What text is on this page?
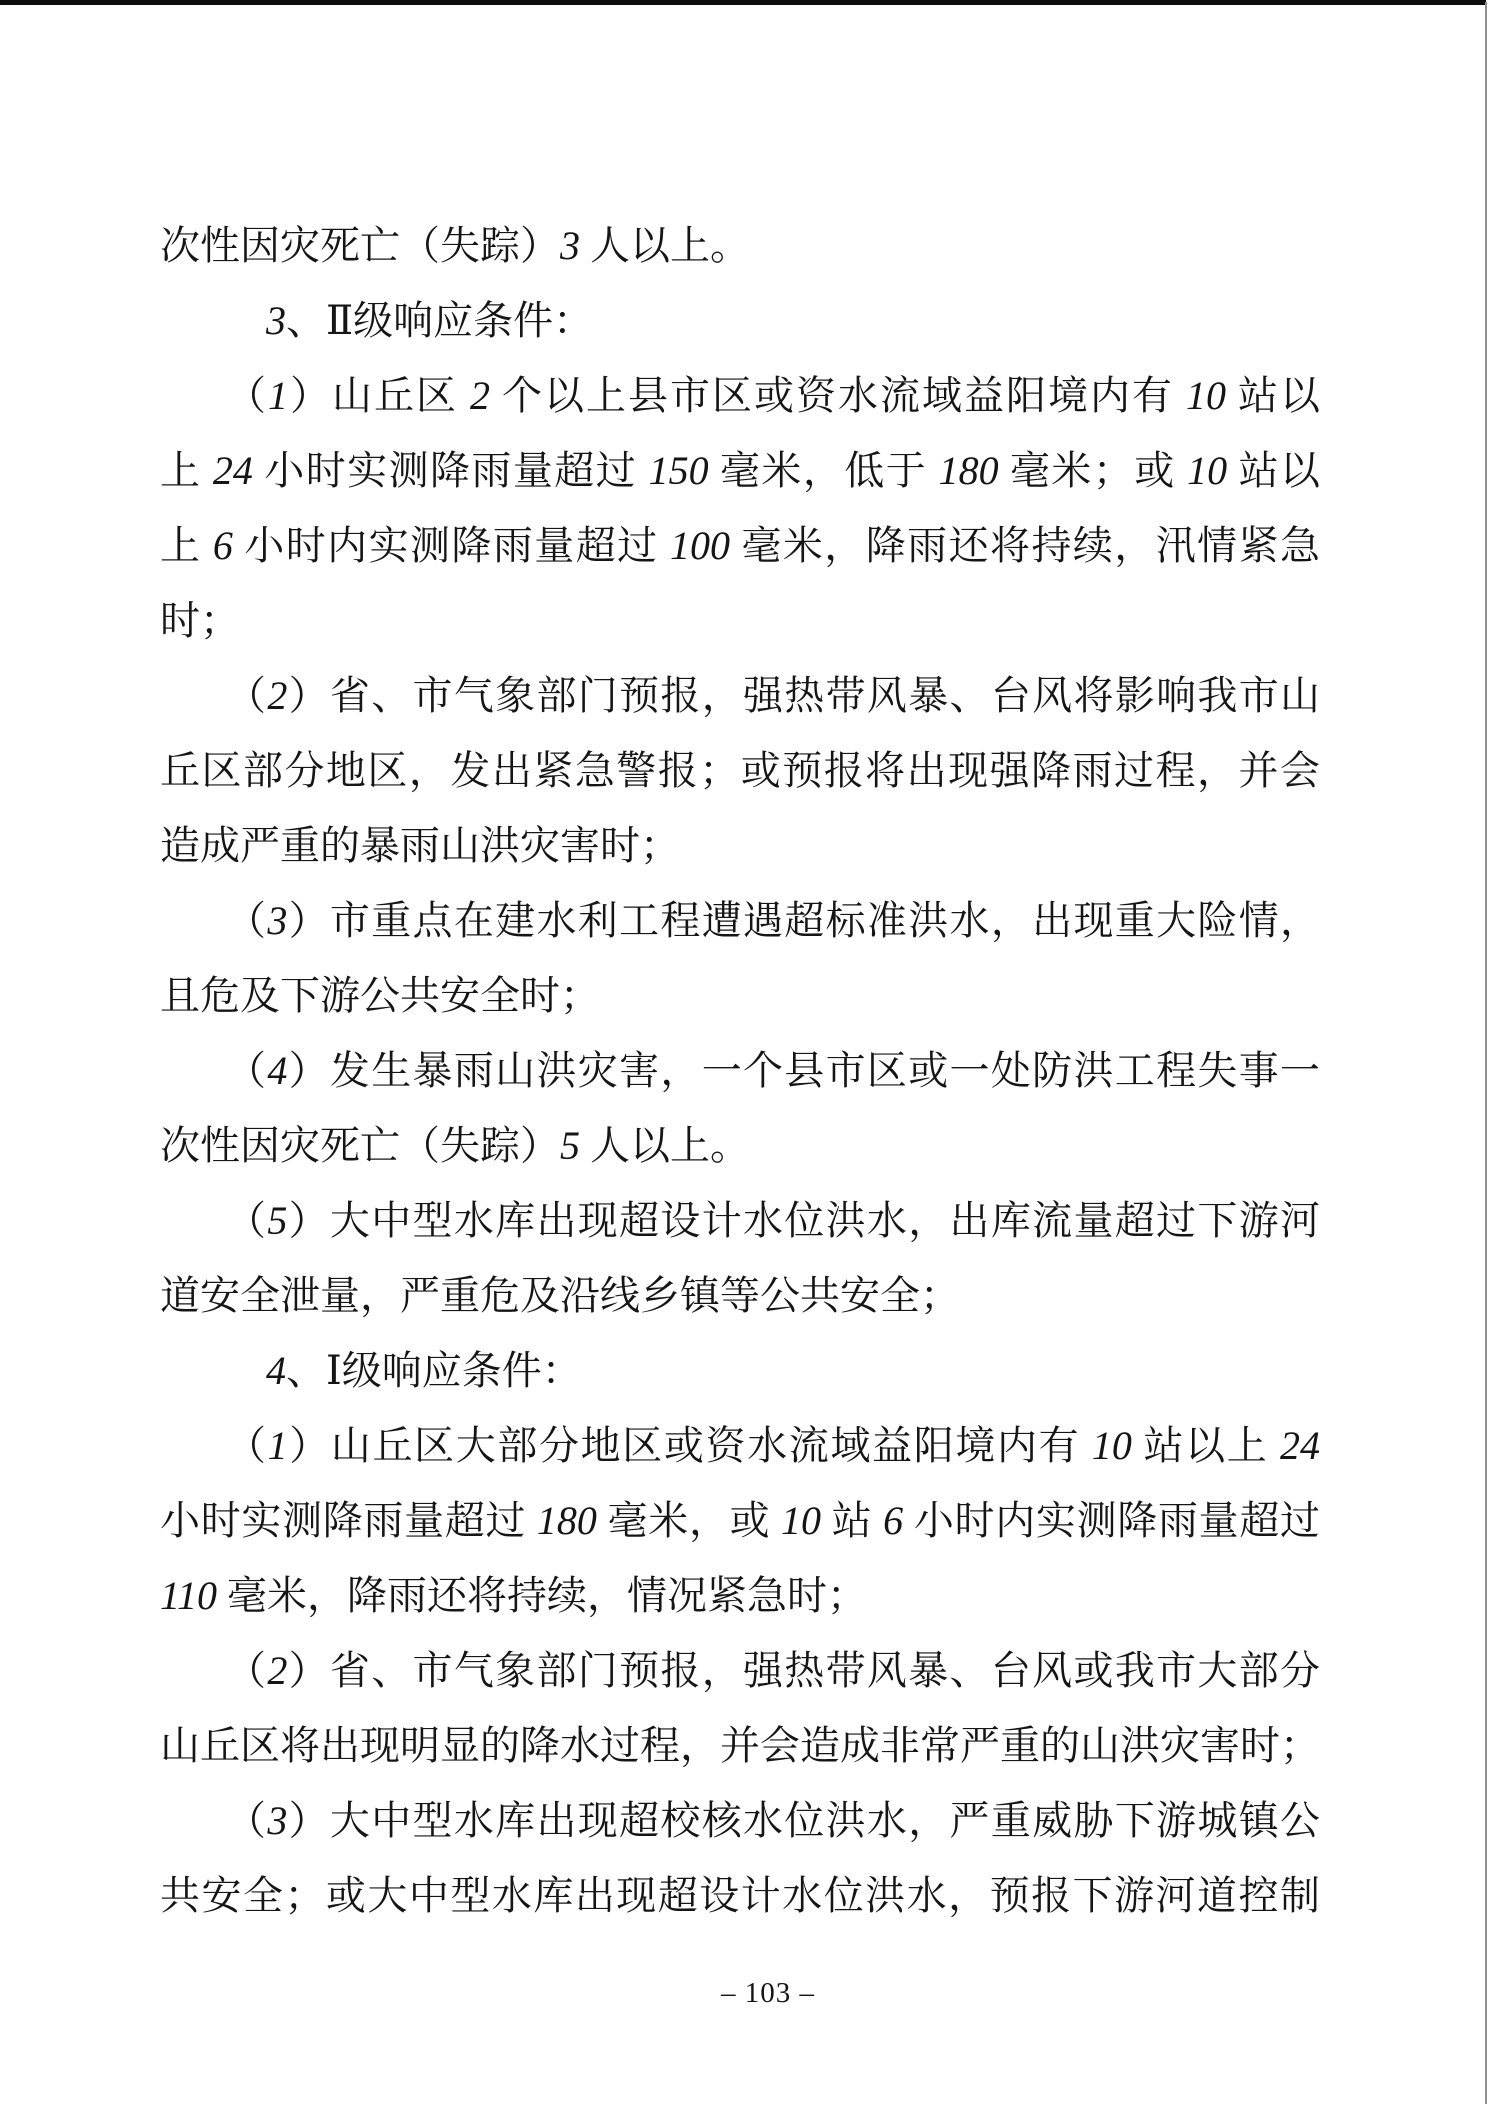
次性因灾死亡（失踪）3 人以上。
3、Ⅱ级响应条件：
（1）山丘区 2 个以上县市区或资水流域益阳境内有 10 站以
上 24 小时实测降雨量超过 150 毫米，低于 180 毫米；或 10 站以
上 6 小时内实测降雨量超过 100 毫米，降雨还将持续，汛情紧急
时；
（2）省、市气象部门预报，强热带风暴、台风将影响我市山
丘区部分地区，发出紧急警报；或预报将出现强降雨过程，并会
造成严重的暴雨山洪灾害时；
（3）市重点在建水利工程遭遇超标准洪水，出现重大险情，
且危及下游公共安全时；
（4）发生暴雨山洪灾害，一个县市区或一处防洪工程失事一
次性因灾死亡（失踪）5 人以上。
（5）大中型水库出现超设计水位洪水，出库流量超过下游河
道安全泄量，严重危及沿线乡镇等公共安全；
4、Ⅰ级响应条件：
（1）山丘区大部分地区或资水流域益阳境内有 10 站以上 24
小时实测降雨量超过 180 毫米，或 10 站 6 小时内实测降雨量超过
110 毫米，降雨还将持续，情况紧急时；
（2）省、市气象部门预报，强热带风暴、台风或我市大部分
山丘区将出现明显的降水过程，并会造成非常严重的山洪灾害时；
（3）大中型水库出现超校核水位洪水，严重威胁下游城镇公
共安全；或大中型水库出现超设计水位洪水，预报下游河道控制
– 103 –
